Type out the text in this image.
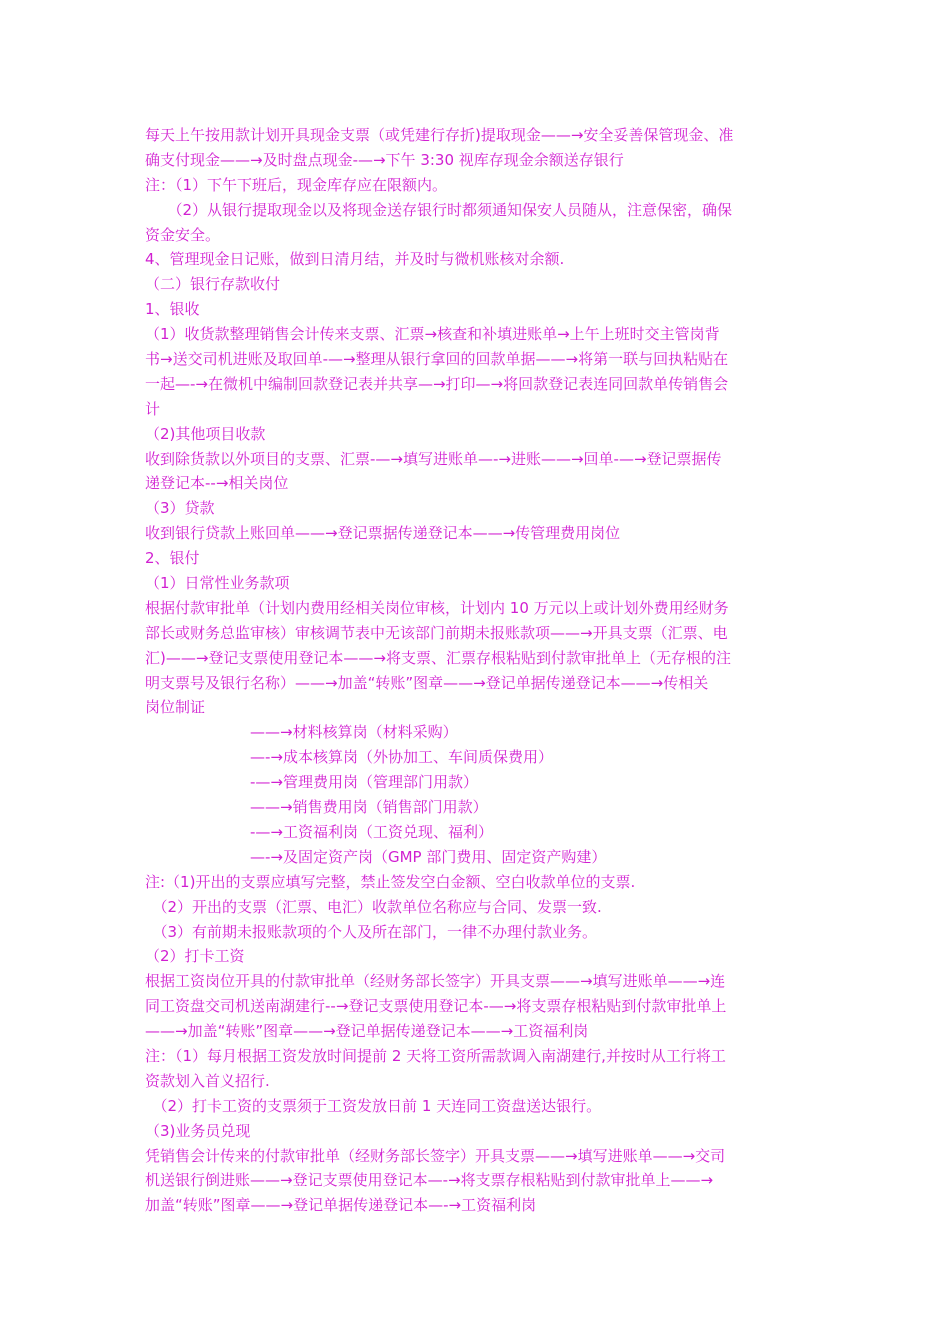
每天上午按用款计划开具现金支票（或凭建行存折)提取现金——→安全妥善保管现金、准
确支付现金——→及时盘点现金-—→下午 3:30 视库存现金余额送存银行
注：（1）下午下班后，现金库存应在限额内。
　　（2）从银行提取现金以及将现金送存银行时都须通知保安人员随从，注意保密，确保
资金安全。
4、管理现金日记账，做到日清月结，并及时与微机账核对余额.
（二）银行存款收付
1、银收
（1）收货款整理销售会计传来支票、汇票→核查和补填进账单→上午上班时交主管岗背
书→送交司机进账及取回单-—→整理从银行拿回的回款单据——→将第一联与回执粘贴在
一起—-→在微机中编制回款登记表并共享—→打印—→将回款登记表连同回款单传销售会
计
（2)其他项目收款
收到除货款以外项目的支票、汇票-—→填写进账单—-→进账——→回单-—→登记票据传
递登记本--→相关岗位
（3）贷款
收到银行贷款上账回单——→登记票据传递登记本——→传管理费用岗位
2、银付
（1）日常性业务款项
根据付款审批单（计划内费用经相关岗位审核，计划内 10 万元以上或计划外费用经财务
部长或财务总监审核）审核调节表中无该部门前期未报账款项——→开具支票（汇票、电
汇)——→登记支票使用登记本——→将支票、汇票存根粘贴到付款审批单上（无存根的注
明支票号及银行名称）——→加盖“转账”图章——→登记单据传递登记本——→传相关
岗位制证
　　　　　　　——→材料核算岗（材料采购）
　　　　　　　—-→成本核算岗（外协加工、车间质保费用）
　　　　　　　-—→管理费用岗（管理部门用款）
　　　　　　　——→销售费用岗（销售部门用款）
　　　　　　　-—→工资福利岗（工资兑现、福利）
　　　　　　　—-→及固定资产岗（GMP 部门费用、固定资产购建）
注:（1)开出的支票应填写完整，禁止签发空白金额、空白收款单位的支票.
　（2）开出的支票（汇票、电汇）收款单位名称应与合同、发票一致.
　（3）有前期未报账款项的个人及所在部门，一律不办理付款业务。
（2）打卡工资
根据工资岗位开具的付款审批单（经财务部长签字）开具支票——→填写进账单——→连
同工资盘交司机送南湖建行--→登记支票使用登记本-—→将支票存根粘贴到付款审批单上
——→加盖“转账”图章——→登记单据传递登记本——→工资福利岗
注：（1）每月根据工资发放时间提前 2 天将工资所需款调入南湖建行,并按时从工行将工
资款划入首义招行.
　（2）打卡工资的支票须于工资发放日前 1 天连同工资盘送达银行。
（3)业务员兑现
凭销售会计传来的付款审批单（经财务部长签字）开具支票——→填写进账单——→交司
机送银行倒进账——→登记支票使用登记本—-→将支票存根粘贴到付款审批单上——→
加盖“转账”图章——→登记单据传递登记本—-→工资福利岗
